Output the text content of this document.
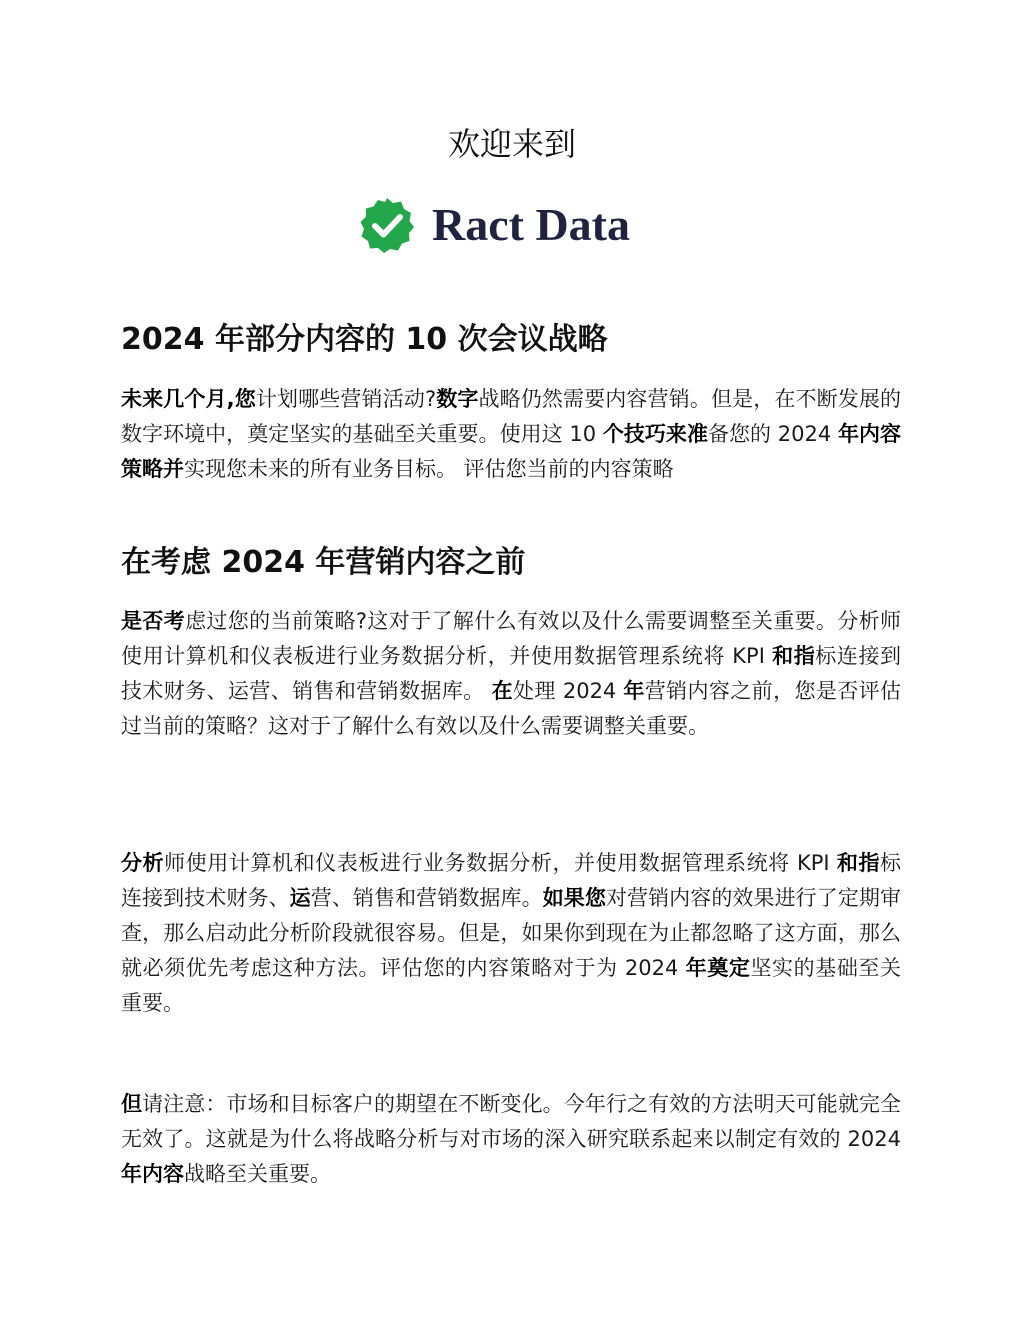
欢迎来到
Ract Data
2024 年部分内容的 10 次会议战略

未来几个月,您计划哪些营销活动?数字战略仍然需要内容营销。但是，在不断发展的数字环境中，奠定坚实的基础至关重要。使用这 10 个技巧来准备您的 2024 年内容策略并实现您未来的所有业务目标。 评估您当前的内容策略

在考虑 2024 年营销内容之前

是否考虑过您的当前策略?这对于了解什么有效以及什么需要调整至关重要。分析师使用计算机和仪表板进行业务数据分析，并使用数据管理系统将 KPI 和指标连接到技术财务、运营、销售和营销数据库。 在处理 2024 年营销内容之前，您是否评估过当前的策略？这对于了解什么有效以及什么需要调整关重要。

分析师使用计算机和仪表板进行业务数据分析，并使用数据管理系统将 KPI 和指标连接到技术财务、运营、销售和营销数据库。如果您对营销内容的效果进行了定期审查，那么启动此分析阶段就很容易。但是，如果你到现在为止都忽略了这方面，那么就必须优先考虑这种方法。评估您的内容策略对于为 2024 年奠定坚实的基础至关重要。

但请注意：市场和目标客户的期望在不断变化。今年行之有效的方法明天可能就完全无效了。这就是为什么将战略分析与对市场的深入研究联系起来以制定有效的 2024 年内容战略至关重要。
